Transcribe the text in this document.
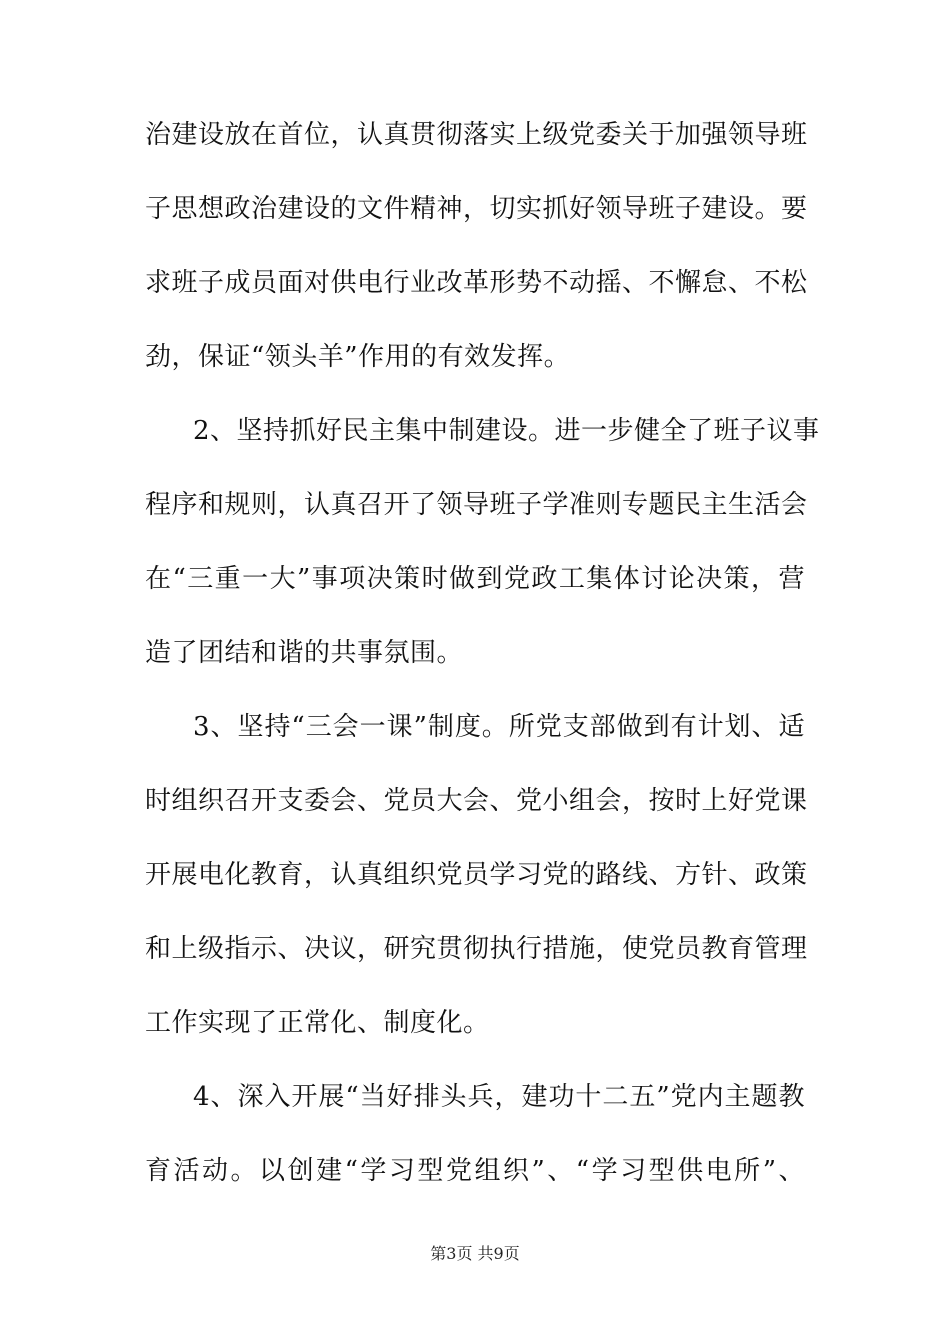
治建设放在首位，认真贯彻落实上级党委关于加强领导班
子思想政治建设的文件精神，切实抓好领导班子建设。要
求班子成员面对供电行业改革形势不动摇、不懈怠、不松
劲，保证“领头羊”作用的有效发挥。
2、坚持抓好民主集中制建设。进一步健全了班子议事
程序和规则，认真召开了领导班子学准则专题民主生活会
在“三重一大”事项决策时做到党政工集体讨论决策，营
造了团结和谐的共事氛围。
3、坚持“三会一课”制度。所党支部做到有计划、适
时组织召开支委会、党员大会、党小组会，按时上好党课
开展电化教育，认真组织党员学习党的路线、方针、政策
和上级指示、决议，研究贯彻执行措施，使党员教育管理
工作实现了正常化、制度化。
4、深入开展“当好排头兵，建功十二五”党内主题教
育活动。以创建“学习型党组织”、“学习型供电所”、
第3页 共9页
